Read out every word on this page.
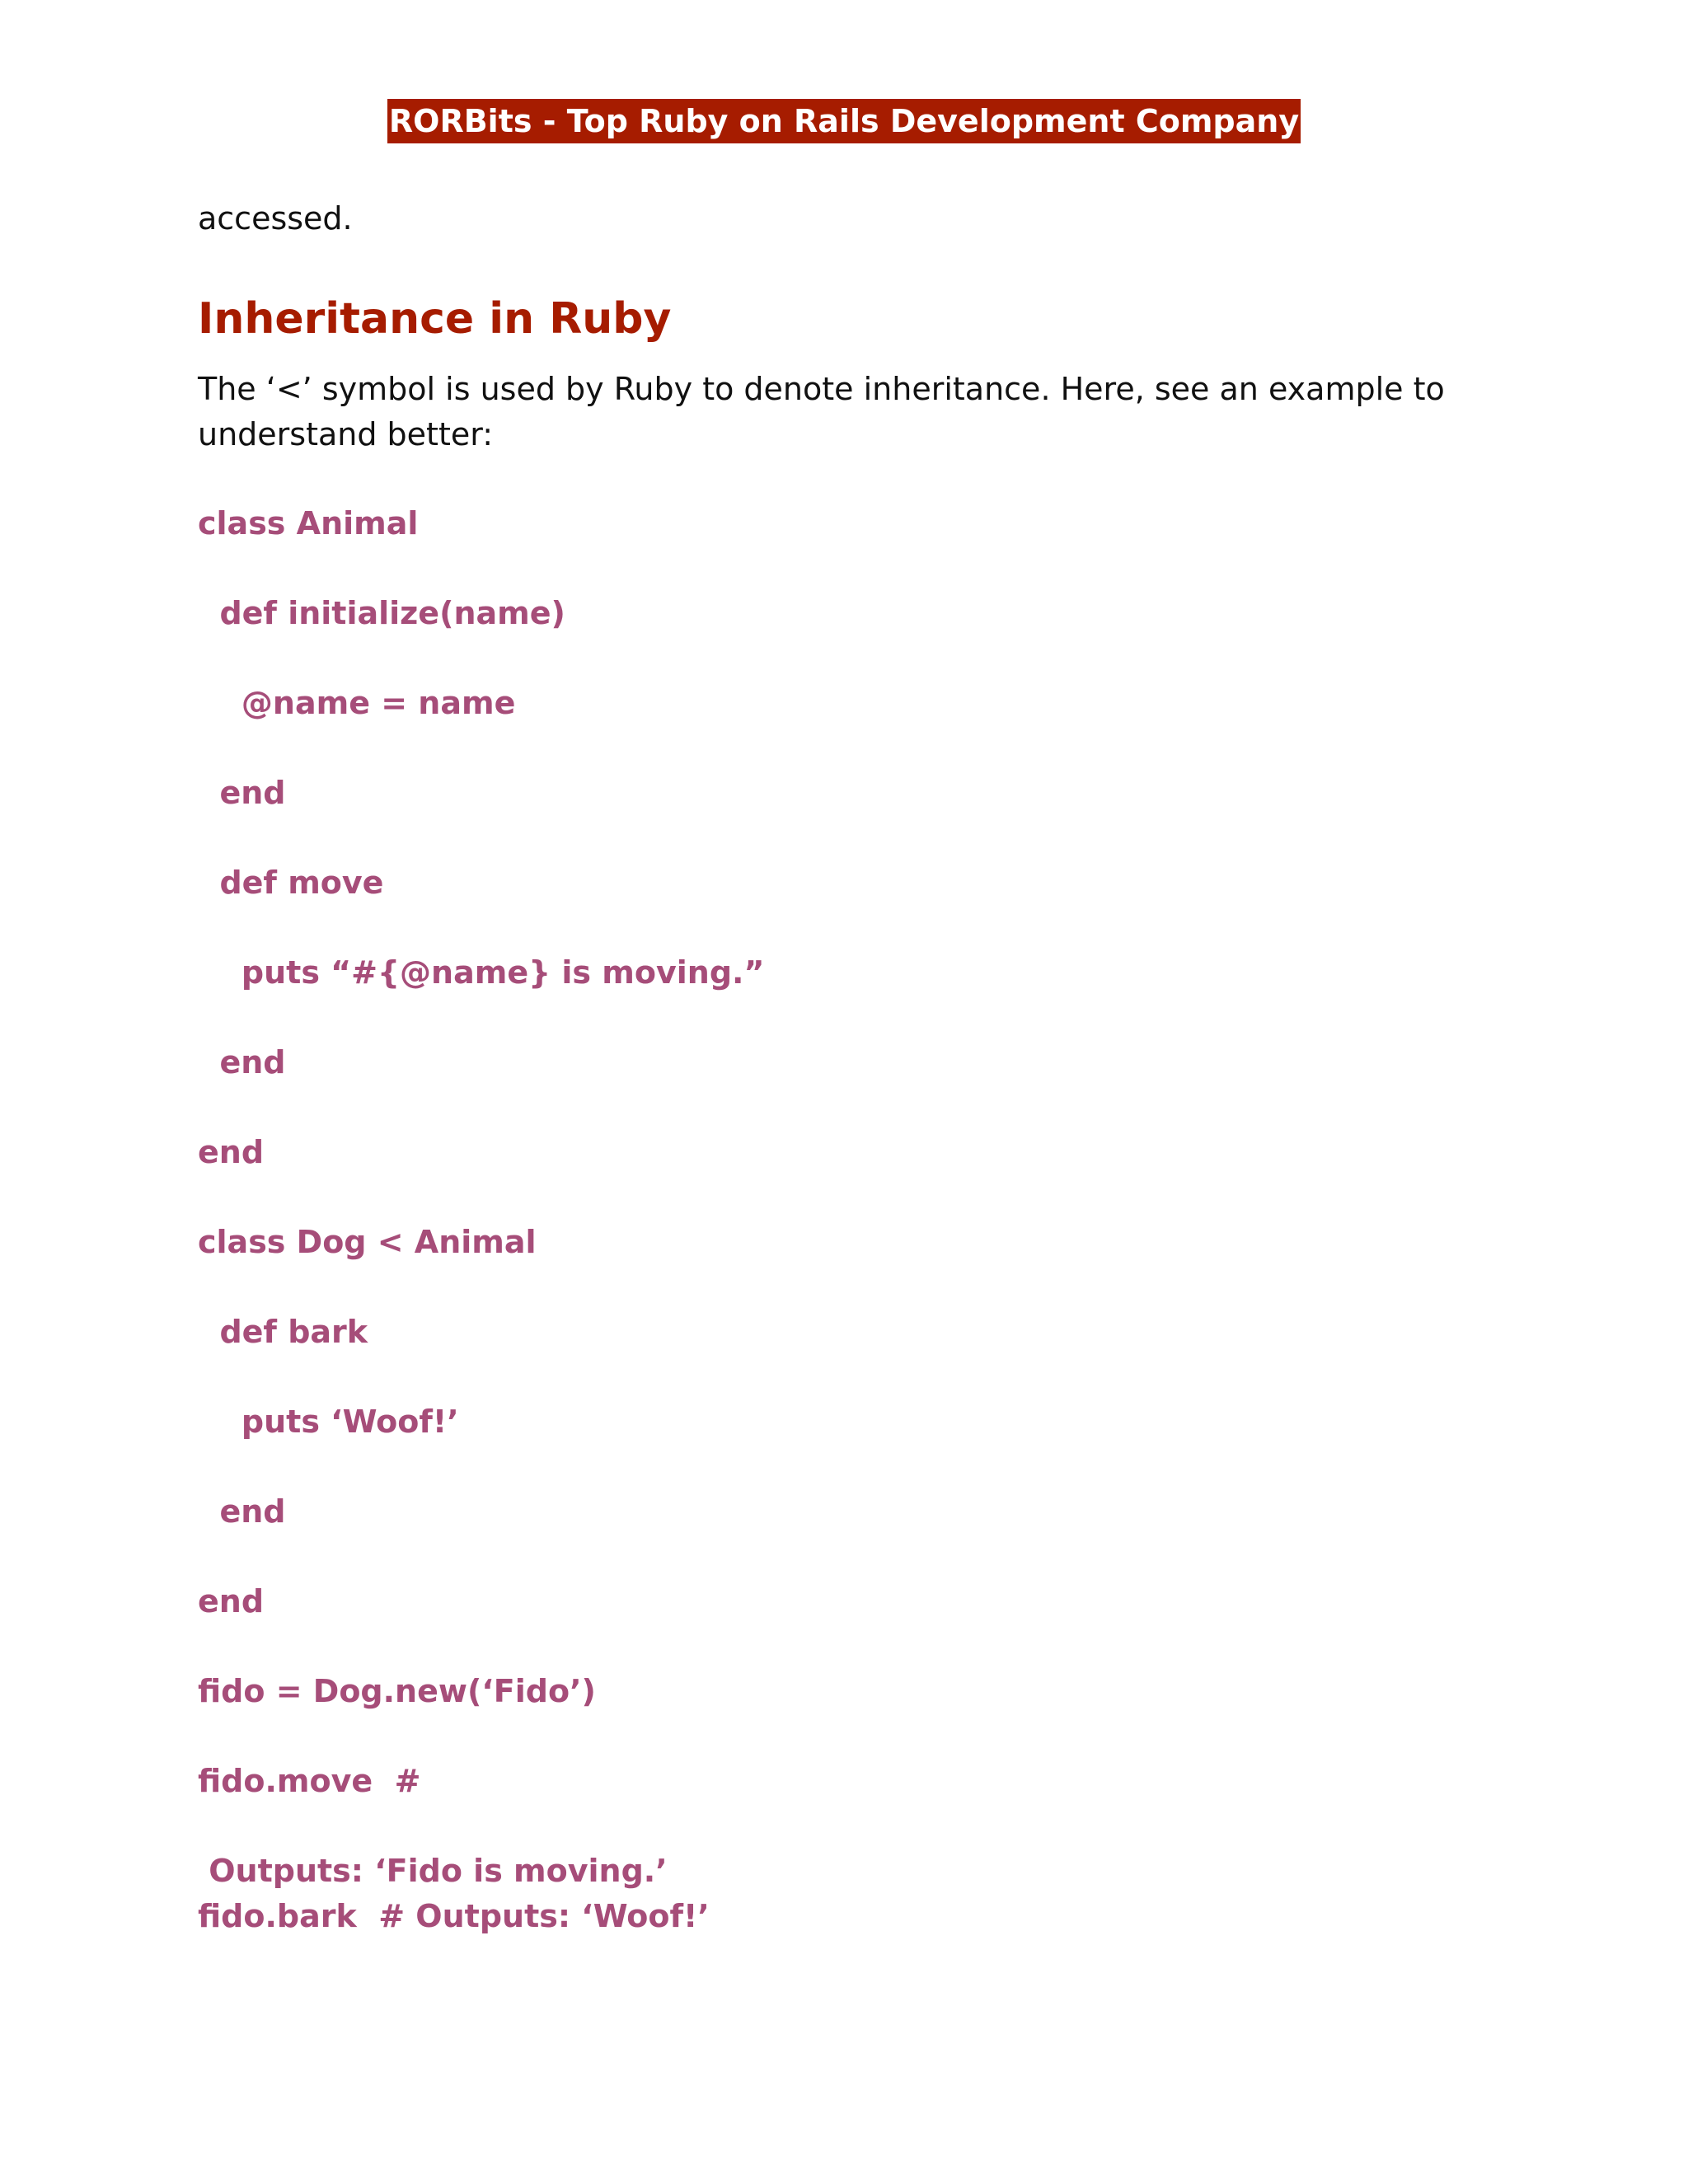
RORBits - Top Ruby on Rails Development Company

accessed.

Inheritance in Ruby

The ‘<’ symbol is used by Ruby to denote inheritance. Here, see an example to

understand better:

class Animal

def initialize(name)

@name = name

end

def move

puts “#{@name} is moving.”

end

end

class Dog < Animal

def bark

puts ‘Woof!’

end

end

fido = Dog.new(‘Fido’)

fido.move  #

Outputs: ‘Fido is moving.’

fido.bark  # Outputs: ‘Woof!’
